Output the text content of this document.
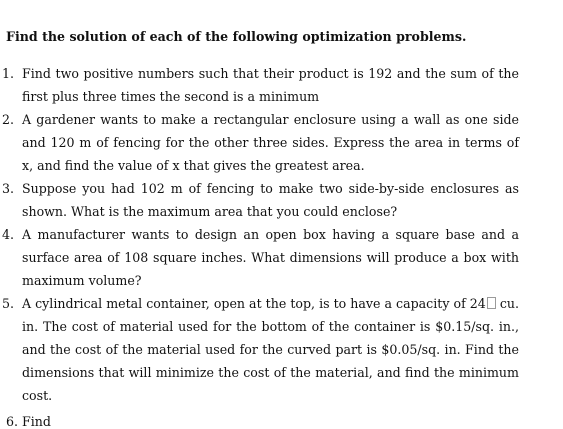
Find the solution of each of the following optimization problems.
1. Find two positive numbers such that their product is 192 and the sum of the first plus three times the second is a minimum
2. A gardener wants to make a rectangular enclosure using a wall as one side and 120 m of fencing for the other three sides. Express the area in terms of x, and find the value of x that gives the greatest area.
3. Suppose you had 102 m of fencing to make two side-by-side enclosures as shown. What is the maximum area that you could enclose?
4. A manufacturer wants to design an open box having a square base and a surface area of 108 square inches. What dimensions will produce a box with maximum volume?
5. A cylindrical metal container, open at the top, is to have a capacity of 24 cu. in. The cost of material used for the bottom of the container is $0.15/sq. in., and the cost of the material used for the curved part is $0.05/sq. in. Find the dimensions that will minimize the cost of the material, and find the minimum cost.
6. Find
